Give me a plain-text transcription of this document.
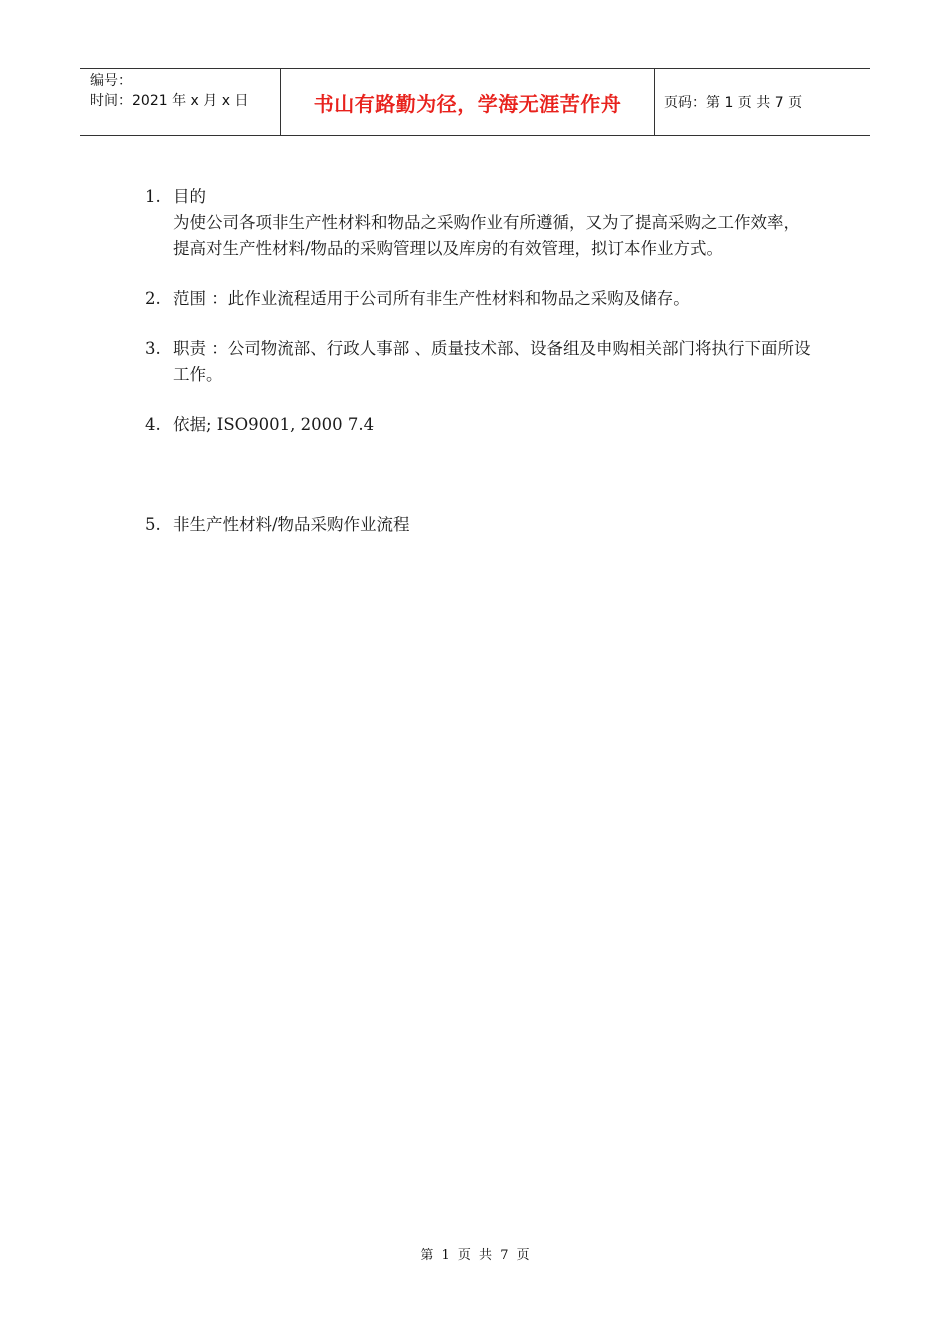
编号：
时间：2021 年 x 月 x 日	书山有路勤为径，学海无涯苦作舟	页码：第 1 页 共 7 页
1. 目的
为使公司各项非生产性材料和物品之采购作业有所遵循，又为了提高采购之工作效率，提高对生产性材料/物品的采购管理以及库房的有效管理，拟订本作业方式。
2. 范围 ：此作业流程适用于公司所有非生产性材料和物品之采购及储存。
3. 职责 ：公司物流部、行政人事部 、质量技术部、设备组及申购相关部门将执行下面所设工作。
4. 依据; ISO9001, 2000 7.4
5. 非生产性材料/物品采购作业流程
第 1 页 共 7 页
